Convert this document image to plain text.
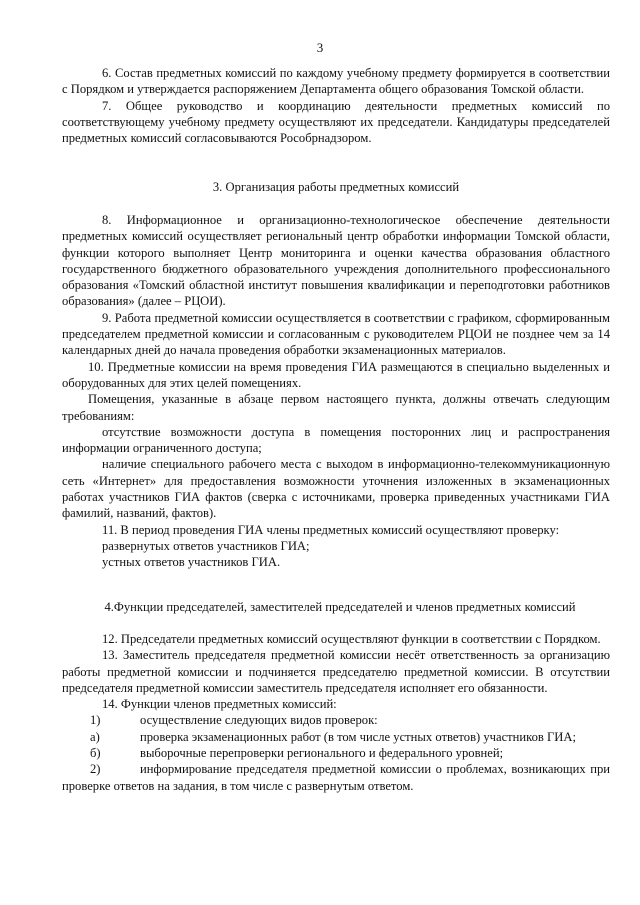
3

6. Состав предметных комиссий по каждому учебному предмету формируется в соответствии с Порядком и утверждается распоряжением Департамента общего образования Томской области.

7. Общее руководство и координацию деятельности предметных комиссий по соответствующему учебному предмету осуществляют их председатели. Кандидатуры председателей предметных комиссий согласовываются Рособрнадзором.

3. Организация работы предметных комиссий

8. Информационное и организационно-технологическое обеспечение деятельности предметных комиссий осуществляет региональный центр обработки информации Томской области, функции которого выполняет Центр мониторинга и оценки качества образования областного государственного бюджетного образовательного учреждения дополнительного профессионального образования «Томский областной институт повышения квалификации и переподготовки работников образования» (далее – РЦОИ).

9. Работа предметной комиссии осуществляется в соответствии с графиком, сформированным председателем предметной комиссии и согласованным с руководителем РЦОИ не позднее чем за 14 календарных дней до начала проведения обработки экзаменационных материалов.

10. Предметные комиссии на время проведения ГИА размещаются в специально выделенных и оборудованных для этих целей помещениях.

Помещения, указанные в абзаце первом настоящего пункта, должны отвечать следующим требованиям:

отсутствие возможности доступа в помещения посторонних лиц и распространения информации ограниченного доступа;

наличие специального рабочего места с выходом в информационно-телекоммуникационную сеть «Интернет» для предоставления возможности уточнения изложенных в экзаменационных работах участников ГИА фактов (сверка с источниками, проверка приведенных участниками ГИА фамилий, названий, фактов).

11. В период проведения ГИА члены предметных комиссий осуществляют проверку:

развернутых ответов участников ГИА;

устных ответов участников ГИА.

4.Функции председателей, заместителей председателей и членов предметных комиссий

12. Председатели предметных комиссий осуществляют функции в соответствии с Порядком.

13. Заместитель председателя предметной комиссии несёт ответственность за организацию работы предметной комиссии и подчиняется председателю предметной комиссии. В отсутствии председателя предметной комиссии заместитель председателя исполняет его обязанности.

14. Функции членов предметных комиссий:

1)	осуществление следующих видов проверок:

а)	проверка экзаменационных работ (в том числе устных ответов) участников ГИА;

б)	выборочные перепроверки регионального и федерального уровней;

2)	информирование председателя предметной комиссии о проблемах, возникающих при проверке ответов на задания, в том числе с развернутым ответом.
